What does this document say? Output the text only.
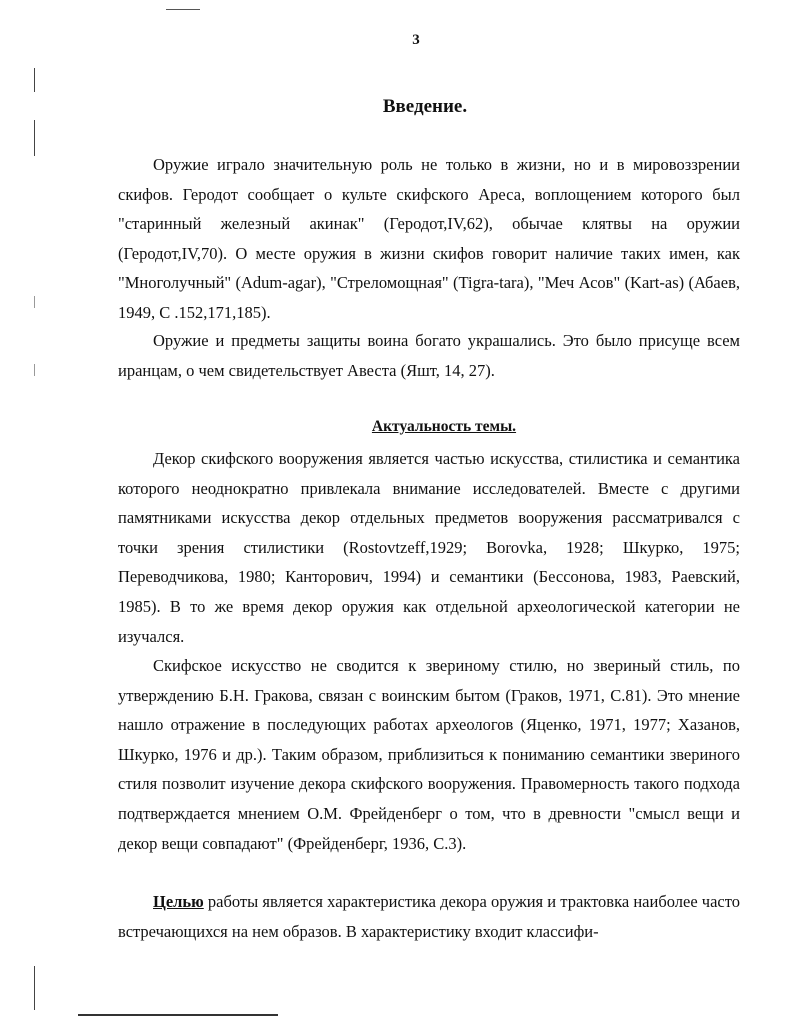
3
Введение.

Оружие играло значительную роль не только в жизни, но и в мировоззрении скифов. Геродот сообщает о культе скифского Ареса, воплощением которого был "старинный железный акинак" (Геродот,IV,62), обычае клятвы на оружии (Геродот,IV,70). О месте оружия в жизни скифов говорит наличие таких имен, как "Многолучный" (Adum-agar), "Стреломощная" (Tigra-tara), "Меч Асов" (Kart-as) (Абаев, 1949, С .152,171,185).

Оружие и предметы защиты воина богато украшались. Это было присуще всем иранцам, о чем свидетельствует Авеста (Яшт, 14, 27).

Актуальность темы.

Декор скифского вооружения является частью искусства, стилистика и семантика которого неоднократно привлекала внимание исследователей. Вместе с другими памятниками искусства декор отдельных предметов вооружения рассматривался с точки зрения стилистики (Rostovtzeff,1929; Borovka, 1928; Шкурко, 1975; Переводчикова, 1980; Канторович, 1994) и семантики (Бессонова, 1983, Раевский, 1985). В то же время декор оружия как отдельной археологической категории не изучался.

Скифское искусство не сводится к звериному стилю, но звериный стиль, по утверждению Б.Н. Гракова, связан с воинским бытом (Граков, 1971, С.81). Это мнение нашло отражение в последующих работах археологов (Яценко, 1971, 1977; Хазанов, Шкурко, 1976 и др.). Таким образом, приблизиться к пониманию семантики звериного стиля позволит изучение декора скифского вооружения. Правомерность такого подхода подтверждается мнением О.М. Фрейденберг о том, что в древности "смысл вещи и декор вещи совпадают" (Фрейденберг, 1936, С.3).

Целью работы является характеристика декора оружия и трактовка наиболее часто встречающихся на нем образов. В характеристику входит классифи-
